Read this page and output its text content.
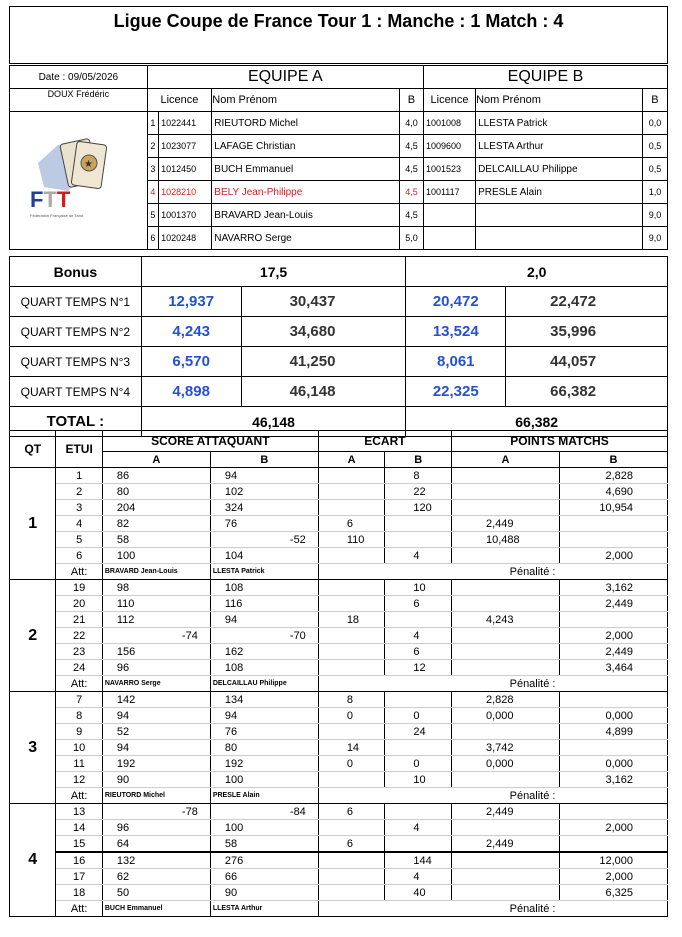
Ligue Coupe de France Tour 1 : Manche : 1 Match : 4
Date : 09/05/2026	EQUIPE A				EQUIPE B		
DOUX Frédéric	Licence		Nom Prénom	B	Licence	Nom Prénom	B
	1	1022441	RIEUTORD Michel	4,0	1001008	LLESTA Patrick	0,0
	2	1023077	LAFAGE Christian	4,5	1009600	LLESTA Arthur	0,5
	3	1012450	BUCH Emmanuel	4,5	1001523	DELCAILLAU Philippe	0,5
	4	1028210	BELY Jean-Philippe	4,5	1001117	PRESLE Alain	1,0
	5	1001370	BRAVARD Jean-Louis	4,5			9,0
	6	1020248	NAVARRO Serge	5,0			9,0
★
FTT
Fédération Française de Tarot
Bonus	17,5		2,0	
QUART TEMPS N°1	12,937	30,437	20,472	22,472
QUART TEMPS N°2	4,243	34,680	13,524	35,996
QUART TEMPS N°3	6,570	41,250	8,061	44,057
QUART TEMPS N°4	4,898	46,148	22,325	66,382
TOTAL :	46,148		66,382	
QT	ETUI	SCORE ATTAQUANT		ECART		POINTS MATCHS	
		A	B	A	B	A	B
1	1	86	94		8		2,828
	2	80	102		22		4,690
	3	204	324		120		10,954
	4	82	76	6		2,449	
	5	58	-52	110		10,488	
	6	100	104		4		2,000
	Att:	BRAVARD Jean-Louis	LLESTA Patrick	Pénalité :			
2	19	98	108		10		3,162
	20	110	116		6		2,449
	21	112	94	18		4,243	
	22	-74	-70		4		2,000
	23	156	162		6		2,449
	24	96	108		12		3,464
	Att:	NAVARRO Serge	DELCAILLAU Philippe	Pénalité :			
3	7	142	134	8		2,828	
	8	94	94	0	0	0,000	0,000
	9	52	76		24		4,899
	10	94	80	14		3,742	
	11	192	192	0	0	0,000	0,000
	12	90	100		10		3,162
	Att:	RIEUTORD Michel	PRESLE Alain	Pénalité :			
4	13	-78	-84	6		2,449	
	14	96	100		4		2,000
	15	64	58	6		2,449	
	16	132	276		144		12,000
	17	62	66		4		2,000
	18	50	90		40		6,325
	Att:	BUCH Emmanuel	LLESTA Arthur	Pénalité :			
